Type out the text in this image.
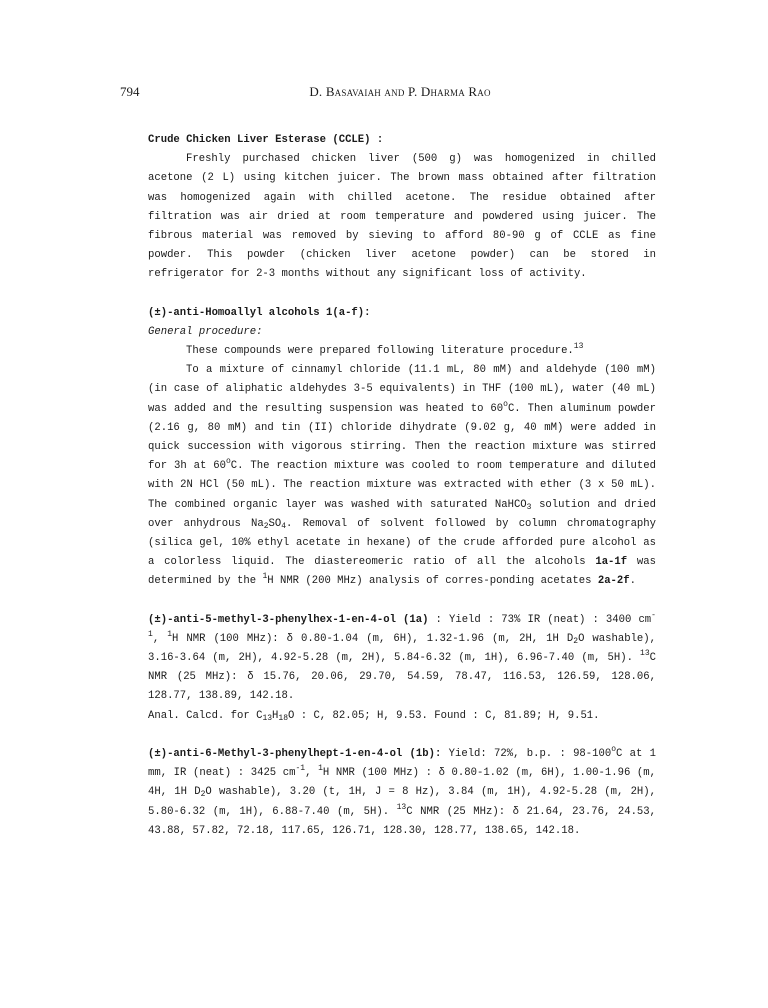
794	D. Basavaiah and P. Dharma Rao
Crude Chicken Liver Esterase (CCLE) :

Freshly purchased chicken liver (500 g) was homogenized in chilled acetone (2 L) using kitchen juicer. The brown mass obtained after filtration was homogenized again with chilled acetone. The residue obtained after filtration was air dried at room temperature and powdered using juicer. The fibrous material was removed by sieving to afford 80-90 g of CCLE as fine powder. This powder (chicken liver acetone powder) can be stored in refrigerator for 2-3 months without any significant loss of activity.

(±)-anti-Homoallyl alcohols 1(a-f):
General procedure:

These compounds were prepared following literature procedure.$^{13}$

To a mixture of cinnamyl chloride (11.1 mL, 80 mM) and aldehyde (100 mM) (in case of aliphatic aldehydes 3-5 equivalents) in THF (100 mL), water (40 mL) was added and the resulting suspension was heated to 60$^o$C. Then aluminum powder (2.16 g, 80 mM) and tin (II) chloride dihydrate (9.02 g, 40 mM) were added in quick succession with vigorous stirring. Then the reaction mixture was stirred for 3h at 60$^o$C. The reaction mixture was cooled to room temperature and diluted with 2N HCl (50 mL). The reaction mixture was extracted with ether (3 x 50 mL). The combined organic layer was washed with saturated NaHCO$_3$ solution and dried over anhydrous $Na_2SO_4$. Removal of solvent followed by column chromatography (silica gel, 10% ethyl acetate in hexane) of the crude afforded pure alcohol as a colorless liquid. The diastereomeric ratio of all the alcohols 1a-1f was determined by the $^1$H NMR (200 MHz) analysis of corres-ponding acetates 2a-2f.

(±)-anti-5-methyl-3-phenylhex-1-en-4-ol (1a) : Yield : 73% IR (neat) : 3400 $cm^{-1}$, $^1$H NMR (100 MHz): δ 0.80-1.04 (m, 6H), 1.32-1.96 (m, 2H, 1H $D_2O$ washable), 3.16-3.64 (m, 2H), 4.92-5.28 (m, 2H), 5.84-6.32 (m, 1H), 6.96-7.40 (m, 5H). $^{13}$C NMR (25 MHz): δ 15.76, 20.06, 29.70, 54.59, 78.47, 116.53, 126.59, 128.06, 128.77, 138.89, 142.18.

Anal. Calcd. for $C_{13}H_{18}O$ : C, 82.05; H, 9.53. Found : C, 81.89; H, 9.51.

(±)-anti-6-Methyl-3-phenylhept-1-en-4-ol (1b): Yield: 72%, b.p. : 98-100$^o$C at 1 mm, IR (neat) : 3425 $cm^{-1}$, $^1$H NMR (100 MHz) : δ 0.80-1.02 (m, 6H), 1.00-1.96 (m, 4H, 1H $D_2O$ washable), 3.20 (t, 1H, J = 8 Hz), 3.84 (m, 1H), 4.92-5.28 (m, 2H), 5.80-6.32 (m, 1H), 6.88-7.40 (m, 5H). $^{13}$C NMR (25 MHz): δ 21.64, 23.76, 24.53, 43.88, 57.82, 72.18, 117.65, 126.71, 128.30, 128.77, 138.65, 142.18.
